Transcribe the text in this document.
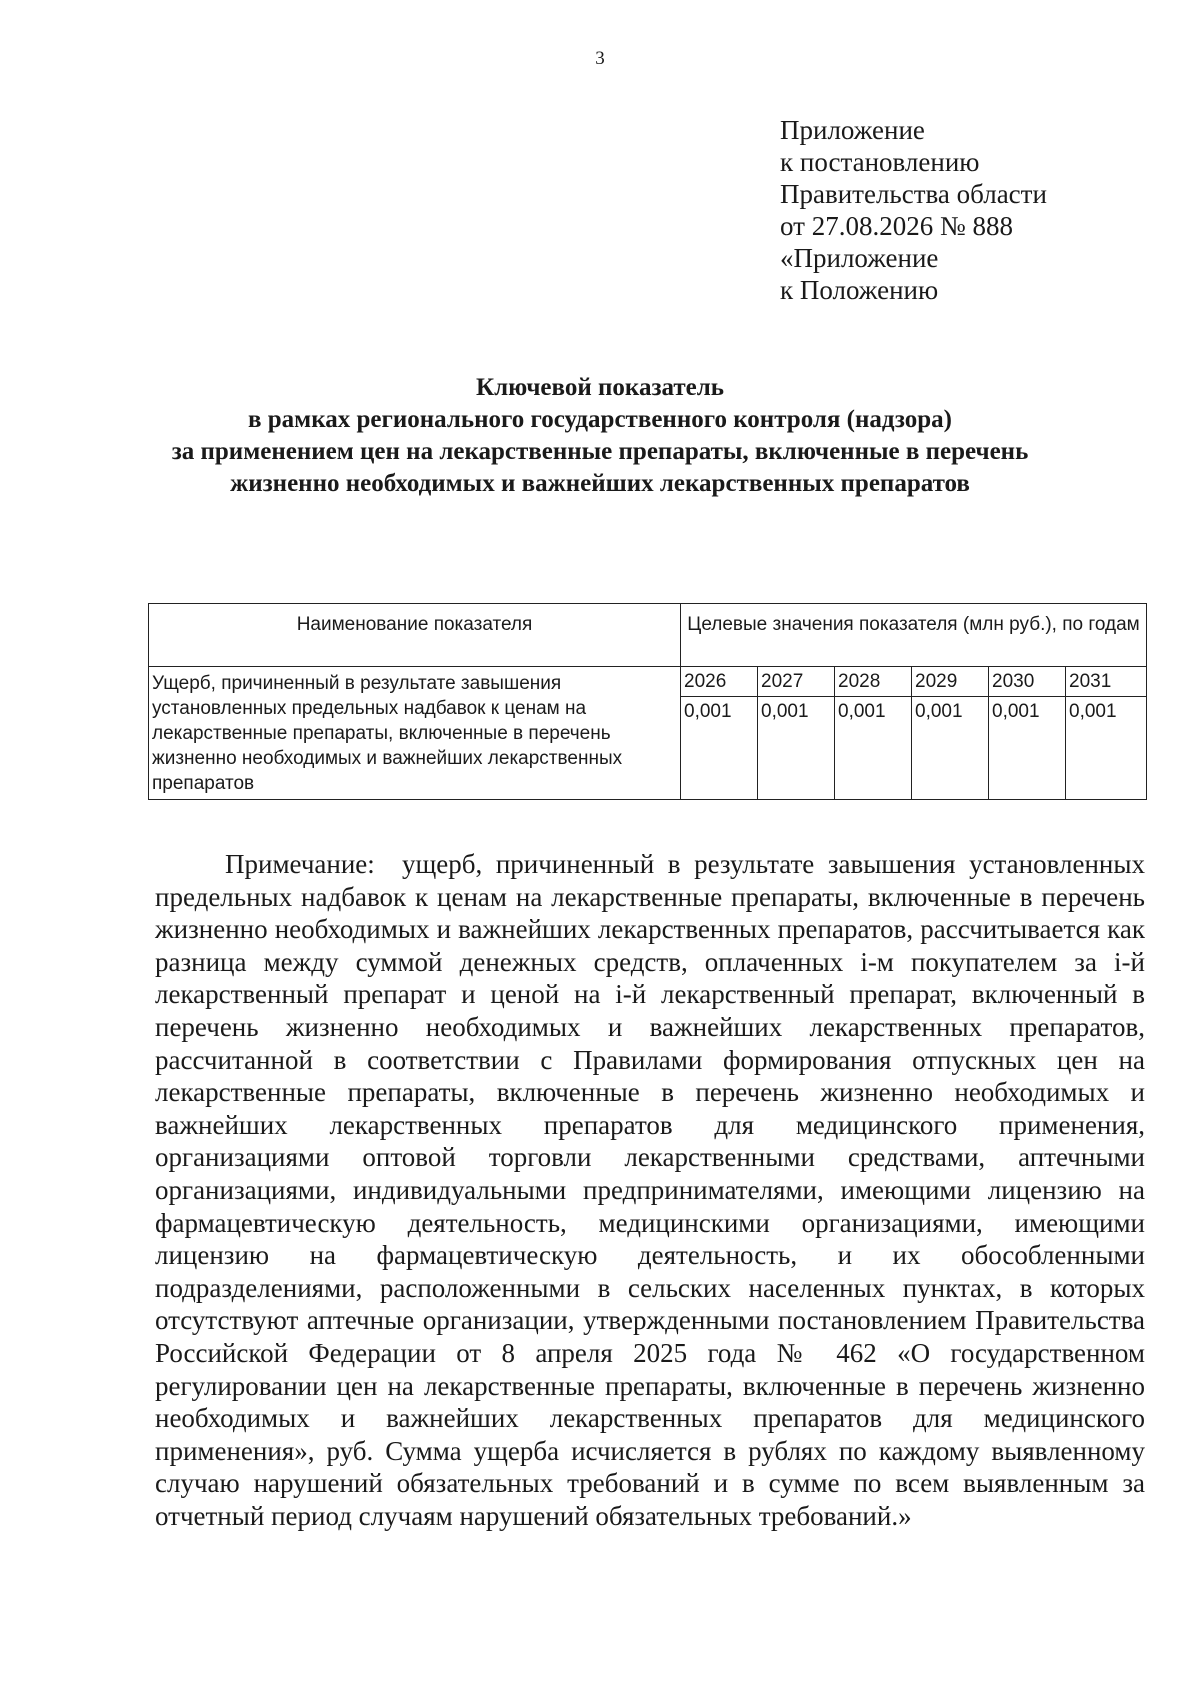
3
Приложение
к постановлению
Правительства области
от 27.08.2026 № 888
«Приложение
к Положению
Ключевой показатель
в рамках регионального государственного контроля (надзора)
за применением цен на лекарственные препараты, включенные в перечень
жизненно необходимых и важнейших лекарственных препаратов
Наименование показателя	Целевые значения показателя (млн руб.), по годам					
Ущерб, причиненный в результате завышения установленных предельных надбавок к ценам на лекарственные препараты, включенные в перечень жизненно необходимых и важнейших лекарственных препаратов	2026	2027	2028	2029	2030	2031
	0,001	0,001	0,001	0,001	0,001	0,001
Примечание: ущерб, причиненный в результате завышения установленных предельных надбавок к ценам на лекарственные препараты, включенные в перечень жизненно необходимых и важнейших лекарственных препаратов, рассчитывается как разница между суммой денежных средств, оплаченных i-м покупателем за i-й лекарственный препарат и ценой на i-й лекарственный препарат, включенный в перечень жизненно необходимых и важнейших лекарственных препаратов, рассчитанной в соответствии с Правилами формирования отпускных цен на лекарственные препараты, включенные в перечень жизненно необходимых и важнейших лекарственных препаратов для медицинского применения, организациями оптовой торговли лекарственными средствами, аптечными организациями, индивидуальными предпринимателями, имеющими лицензию на фармацевтическую деятельность, медицинскими организациями, имеющими лицензию на фармацевтическую деятельность, и их обособленными подразделениями, расположенными в сельских населенных пунктах, в которых отсутствуют аптечные организации, утвержденными постановлением Правительства Российской Федерации от 8 апреля 2025 года № 462 «О государственном регулировании цен на лекарственные препараты, включенные в перечень жизненно необходимых и важнейших лекарственных препаратов для медицинского применения», руб. Сумма ущерба исчисляется в рублях по каждому выявленному случаю нарушений обязательных требований и в сумме по всем выявленным за отчетный период случаям нарушений обязательных требований.»
